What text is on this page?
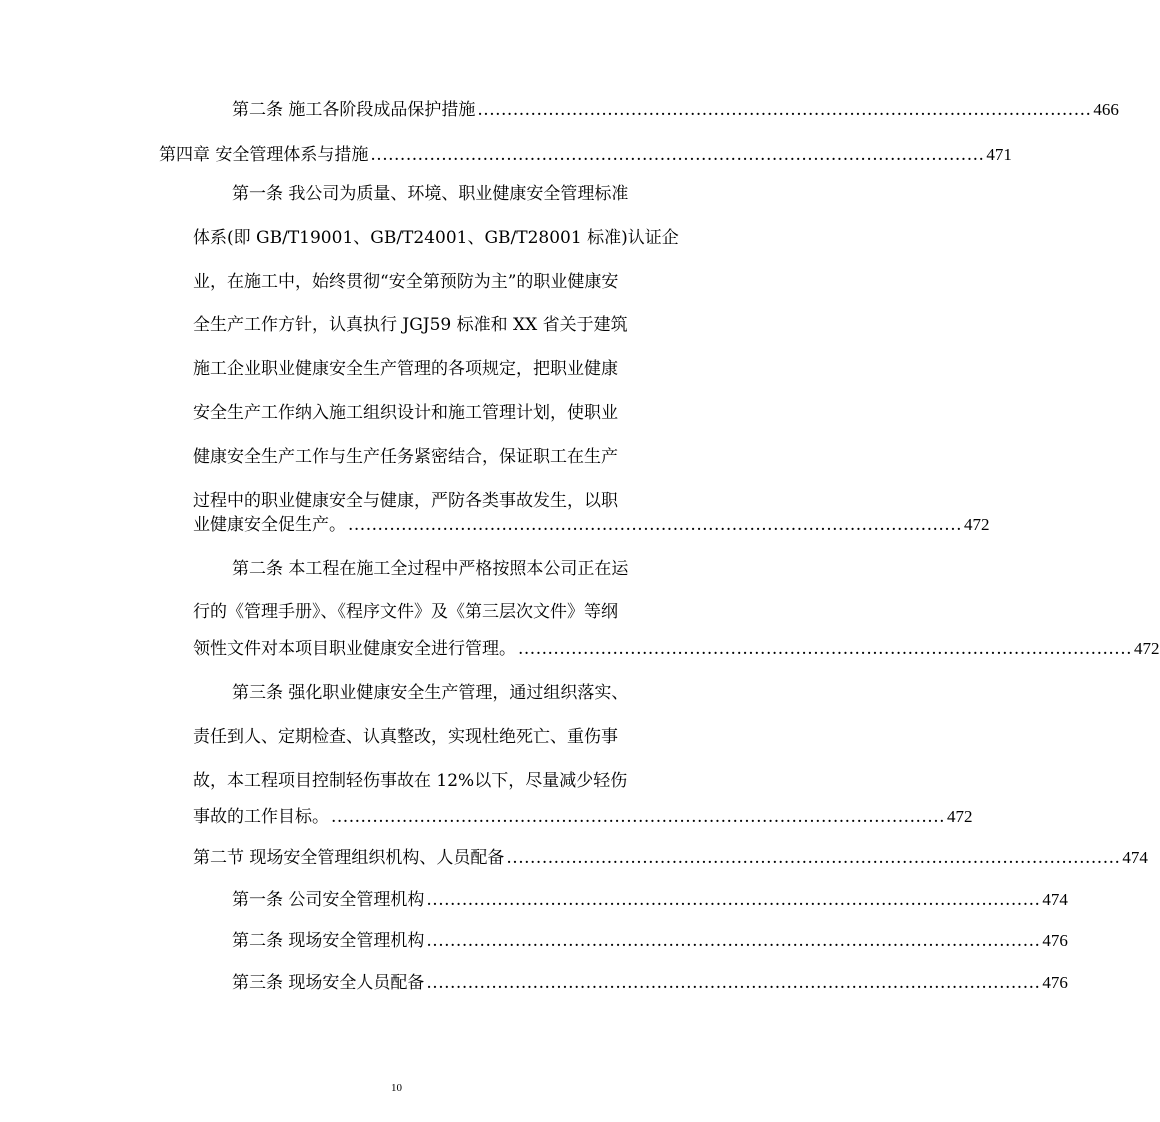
第二条 施工各阶段成品保护措施 ........................................................................................................ 466
第四章 安全管理体系与措施 ........................................................................................................ 471
第一条 我公司为质量、环境、职业健康安全管理标准
体系(即 GB/T19001、GB/T24001、GB/T28001 标准)认证企
业，在施工中，始终贯彻“安全第预防为主”的职业健康安
全生产工作方针，认真执行 JGJ59 标准和 XX 省关于建筑
施工企业职业健康安全生产管理的各项规定，把职业健康
安全生产工作纳入施工组织设计和施工管理计划，使职业
健康安全生产工作与生产任务紧密结合，保证职工在生产
过程中的职业健康安全与健康，严防各类事故发生，以职
业健康安全促生产。 ........................................................................................................ 472
第二条 本工程在施工全过程中严格按照本公司正在运
行的《管理手册》、《程序文件》及《第三层次文件》等纲
领性文件对本项目职业健康安全进行管理。 ........................................................................................................ 472
第三条 强化职业健康安全生产管理，通过组织落实、
责任到人、定期检查、认真整改，实现杜绝死亡、重伤事
故，本工程项目控制轻伤事故在 12%以下，尽量减少轻伤
事故的工作目标。 ........................................................................................................ 472
第二节 现场安全管理组织机构、人员配备 ........................................................................................................ 474
第一条 公司安全管理机构 ........................................................................................................ 474
第二条 现场安全管理机构 ........................................................................................................ 476
第三条 现场安全人员配备 ........................................................................................................ 476
10
